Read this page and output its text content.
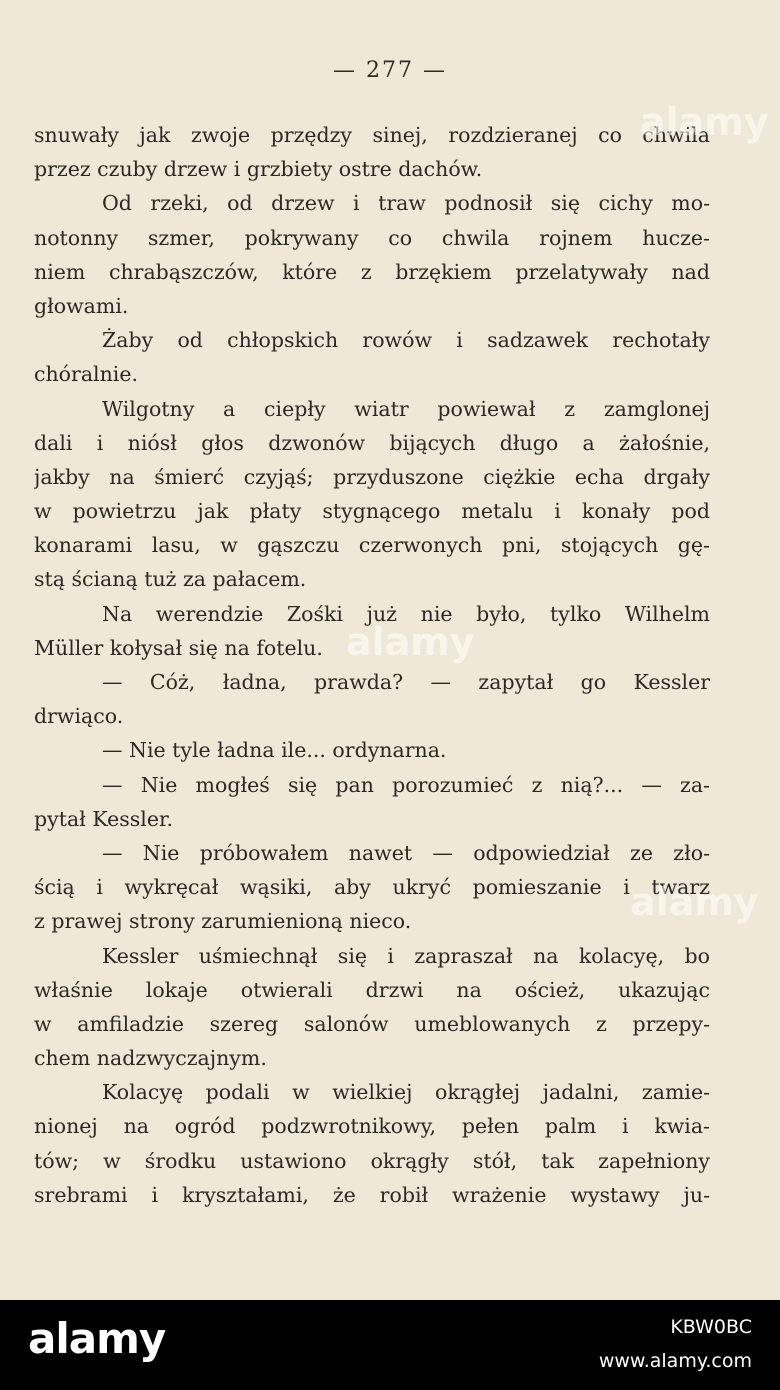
— 277 —
snuwały jak zwoje przędzy sinej, rozdzieranej co chwila
przez czuby drzew i grzbiety ostre dachów.
Od rzeki, od drzew i traw podnosił się cichy mo-
notonny szmer, pokrywany co chwila rojnem hucze-
niem chrabąszczów, które z brzękiem przelatywały nad
głowami.
Żaby od chłopskich rowów i sadzawek rechotały
chóralnie.
Wilgotny a ciepły wiatr powiewał z zamglonej
dali i niósł głos dzwonów bijących długo a żałośnie,
jakby na śmierć czyjąś; przyduszone ciężkie echa drgały
w powietrzu jak płaty stygnącego metalu i konały pod
konarami lasu, w gąszczu czerwonych pni, stojących gę-
stą ścianą tuż za pałacem.
Na werendzie Zośki już nie było, tylko Wilhelm
Müller kołysał się na fotelu.
— Cóż, ładna, prawda? — zapytał go Kessler
drwiąco.
— Nie tyle ładna ile... ordynarna.
— Nie mogłeś się pan porozumieć z nią?... — za-
pytał Kessler.
— Nie próbowałem nawet — odpowiedział ze zło-
ścią i wykręcał wąsiki, aby ukryć pomieszanie i twarz
z prawej strony zarumienioną nieco.
Kessler uśmiechnął się i zapraszał na kolacyę, bo
właśnie lokaje otwierali drzwi na oścież, ukazując
w amfiladzie szereg salonów umeblowanych z przepy-
chem nadzwyczajnym.
Kolacyę podali w wielkiej okrągłej jadalni, zamie-
nionej na ogród podzwrotnikowy, pełen palm i kwia-
tów; w środku ustawiono okrągły stół, tak zapełniony
srebrami i kryształami, że robił wrażenie wystawy ju-
alamy
alamy
alamy
alamy	KBW0BC
www.alamy.com
